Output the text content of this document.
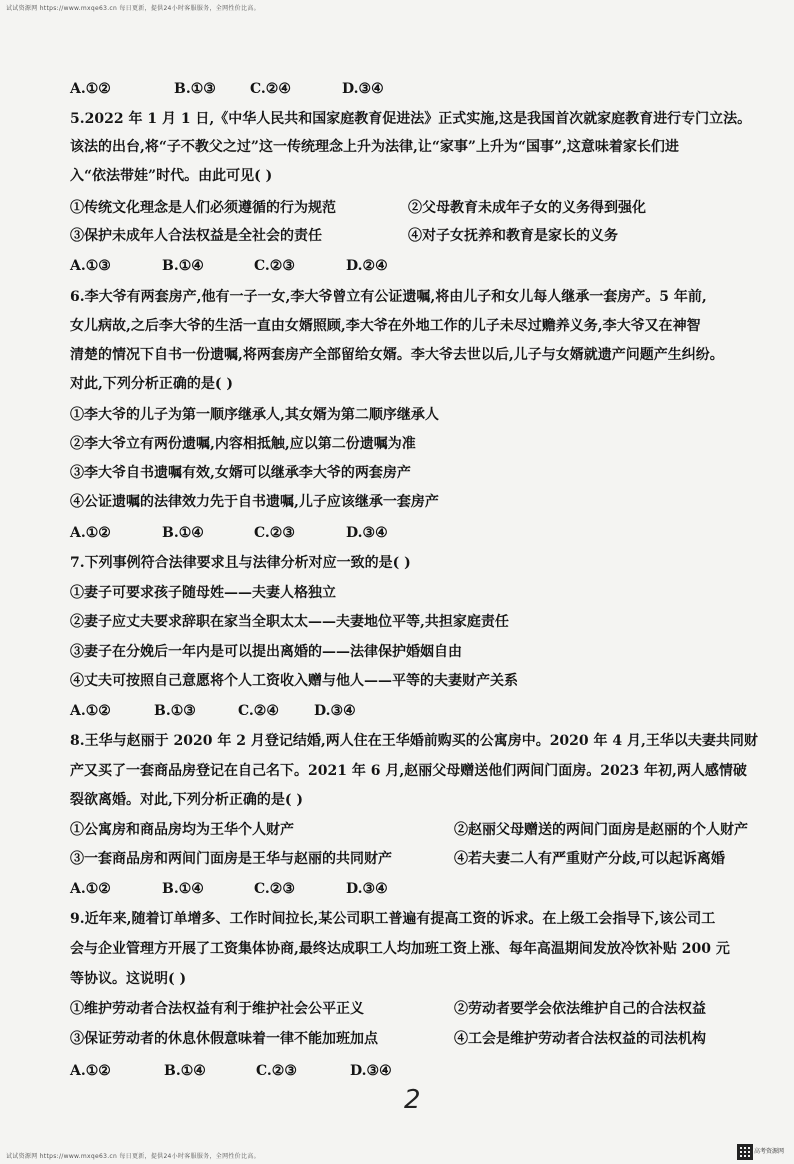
试试资源网 https://www.mxqe63.cn 每日更新，提供24小时客服服务，全网性价比高。
A.①②	B.①③ C.②④	D.③④
5.2022 年 1 月 1 日,《中华人民共和国家庭教育促进法》正式实施,这是我国首次就家庭教育进行专门立法。
该法的出台,将“子不教父之过”这一传统理念上升为法律,让“家事”上升为“国事”,这意味着家长们进
入“依法带娃”时代。由此可见( )
①传统文化理念是人们必须遵循的行为规范	②父母教育未成年子女的义务得到强化
③保护未成年人合法权益是全社会的责任	④对子女抚养和教育是家长的义务
A.①③	B.①④	C.②③	D.②④
6.李大爷有两套房产,他有一子一女,李大爷曾立有公证遗嘱,将由儿子和女儿每人继承一套房产。5 年前,
女儿病故,之后李大爷的生活一直由女婿照顾,李大爷在外地工作的儿子未尽过赡养义务,李大爷又在神智
清楚的情况下自书一份遗嘱,将两套房产全部留给女婿。李大爷去世以后,儿子与女婿就遗产问题产生纠纷。
对此,下列分析正确的是( )
①李大爷的儿子为第一顺序继承人,其女婿为第二顺序继承人
②李大爷立有两份遗嘱,内容相抵触,应以第二份遗嘱为准
③李大爷自书遗嘱有效,女婿可以继承李大爷的两套房产
④公证遗嘱的法律效力先于自书遗嘱,儿子应该继承一套房产
A.①②	B.①④	C.②③	D.③④
7.下列事例符合法律要求且与法律分析对应一致的是( )
①妻子可要求孩子随母姓——夫妻人格独立
②妻子应丈夫要求辞职在家当全职太太——夫妻地位平等,共担家庭责任
③妻子在分娩后一年内是可以提出离婚的——法律保护婚姻自由
④丈夫可按照自己意愿将个人工资收入赠与他人——平等的夫妻财产关系
A.①②	B.①③	C.②④	D.③④
8.王华与赵丽于 2020 年 2 月登记结婚,两人住在王华婚前购买的公寓房中。2020 年 4 月,王华以夫妻共同财
产又买了一套商品房登记在自己名下。2021 年 6 月,赵丽父母赠送他们两间门面房。2023 年初,两人感情破
裂欲离婚。对此,下列分析正确的是( )
①公寓房和商品房均为王华个人财产	②赵丽父母赠送的两间门面房是赵丽的个人财产
③一套商品房和两间门面房是王华与赵丽的共同财产	④若夫妻二人有严重财产分歧,可以起诉离婚
A.①②	B.①④	C.②③	D.③④
9.近年来,随着订单增多、工作时间拉长,某公司职工普遍有提高工资的诉求。在上级工会指导下,该公司工
会与企业管理方开展了工资集体协商,最终达成职工人均加班工资上涨、每年高温期间发放冷饮补贴 200 元
等协议。这说明( )
①维护劳动者合法权益有利于维护社会公平正义	②劳动者要学会依法维护自己的合法权益
③保证劳动者的休息休假意味着一律不能加班加点	④工会是维护劳动者合法权益的司法机构
A.①②	B.①④	C.②③	D.③④
2
试试资源网 https://www.mxqe63.cn 每日更新，提供24小时客服服务，全网性价比高。
高考资源网
